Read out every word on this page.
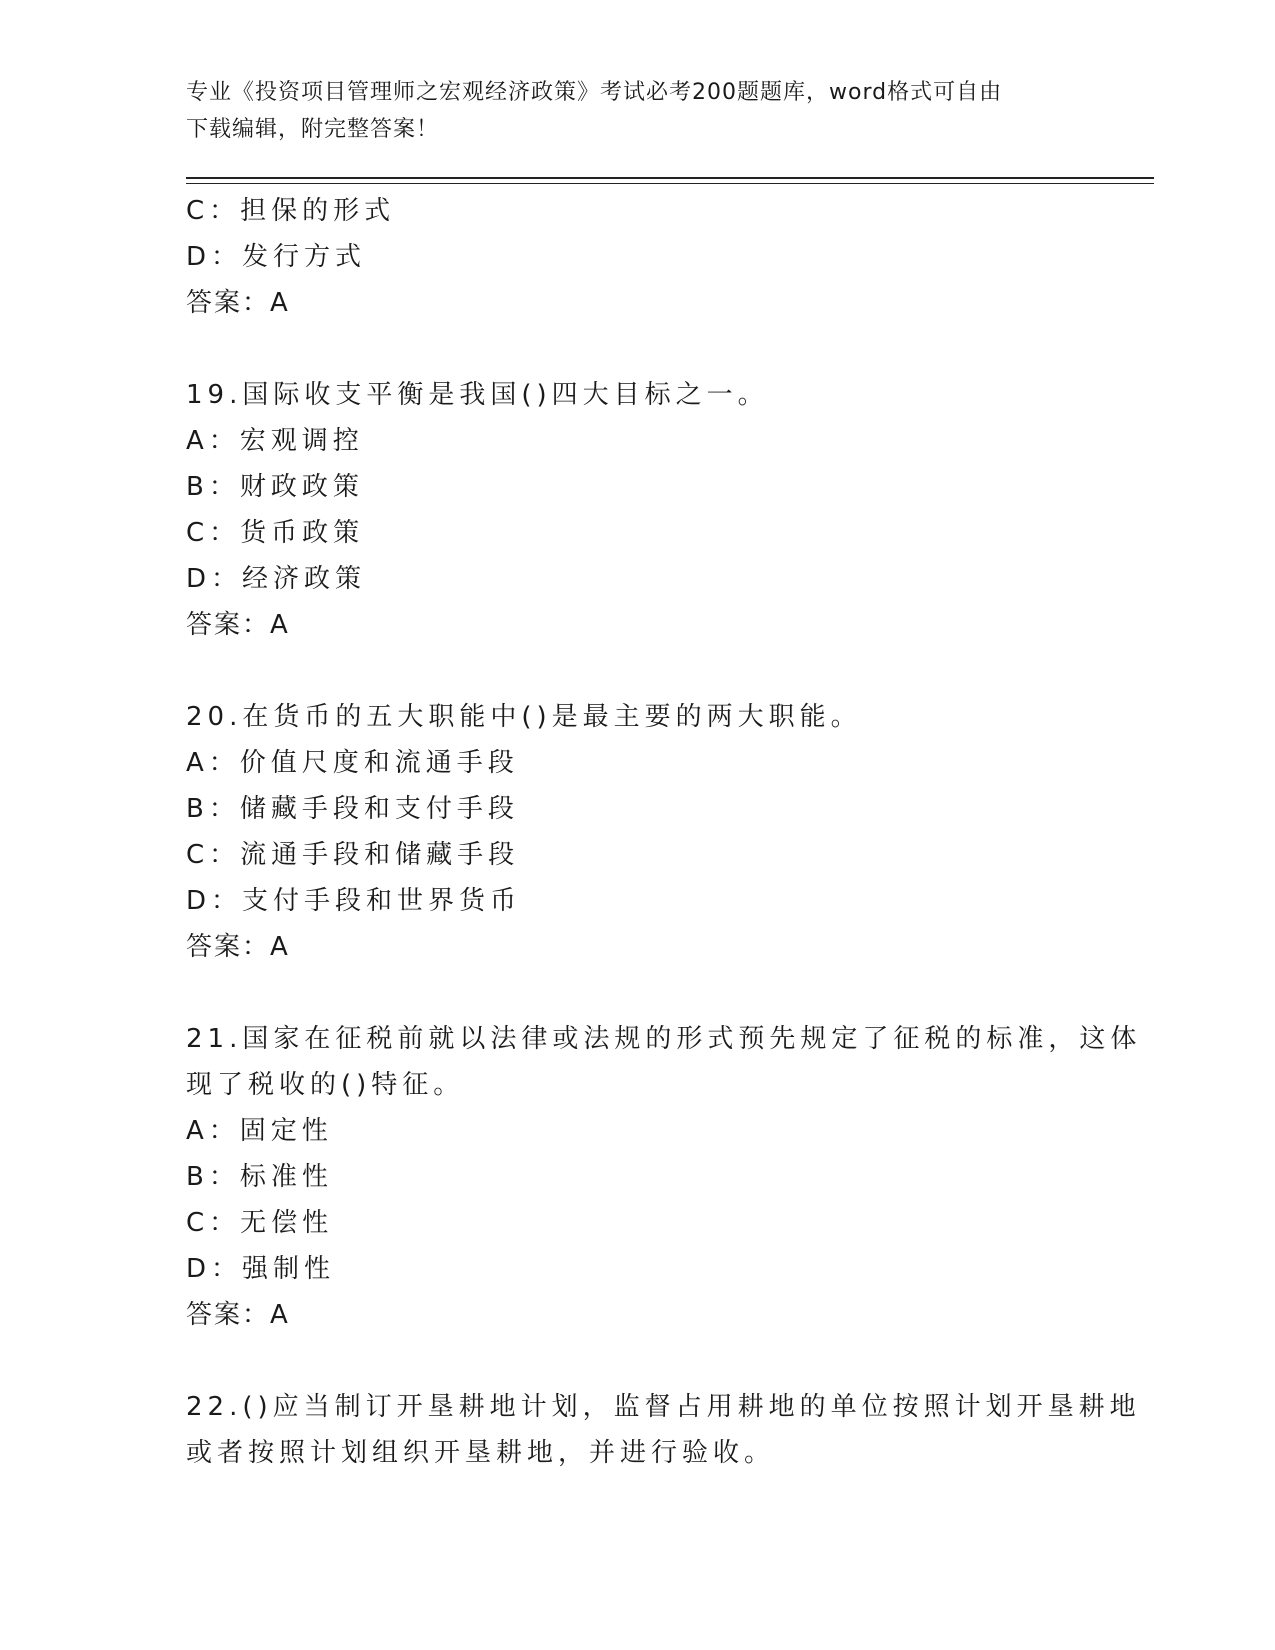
专业《投资项目管理师之宏观经济政策》考试必考200题题库，word格式可自由
下载编辑，附完整答案！
C：担保的形式
D：发行方式
答案：A
19.国际收支平衡是我国()四大目标之一。
A：宏观调控
B：财政政策
C：货币政策
D：经济政策
答案：A
20.在货币的五大职能中()是最主要的两大职能。
A：价值尺度和流通手段
B：储藏手段和支付手段
C：流通手段和储藏手段
D：支付手段和世界货币
答案：A
21.国家在征税前就以法律或法规的形式预先规定了征税的标准，这体
现了税收的()特征。
A：固定性
B：标准性
C：无偿性
D：强制性
答案：A
22.()应当制订开垦耕地计划，监督占用耕地的单位按照计划开垦耕地
或者按照计划组织开垦耕地，并进行验收。
